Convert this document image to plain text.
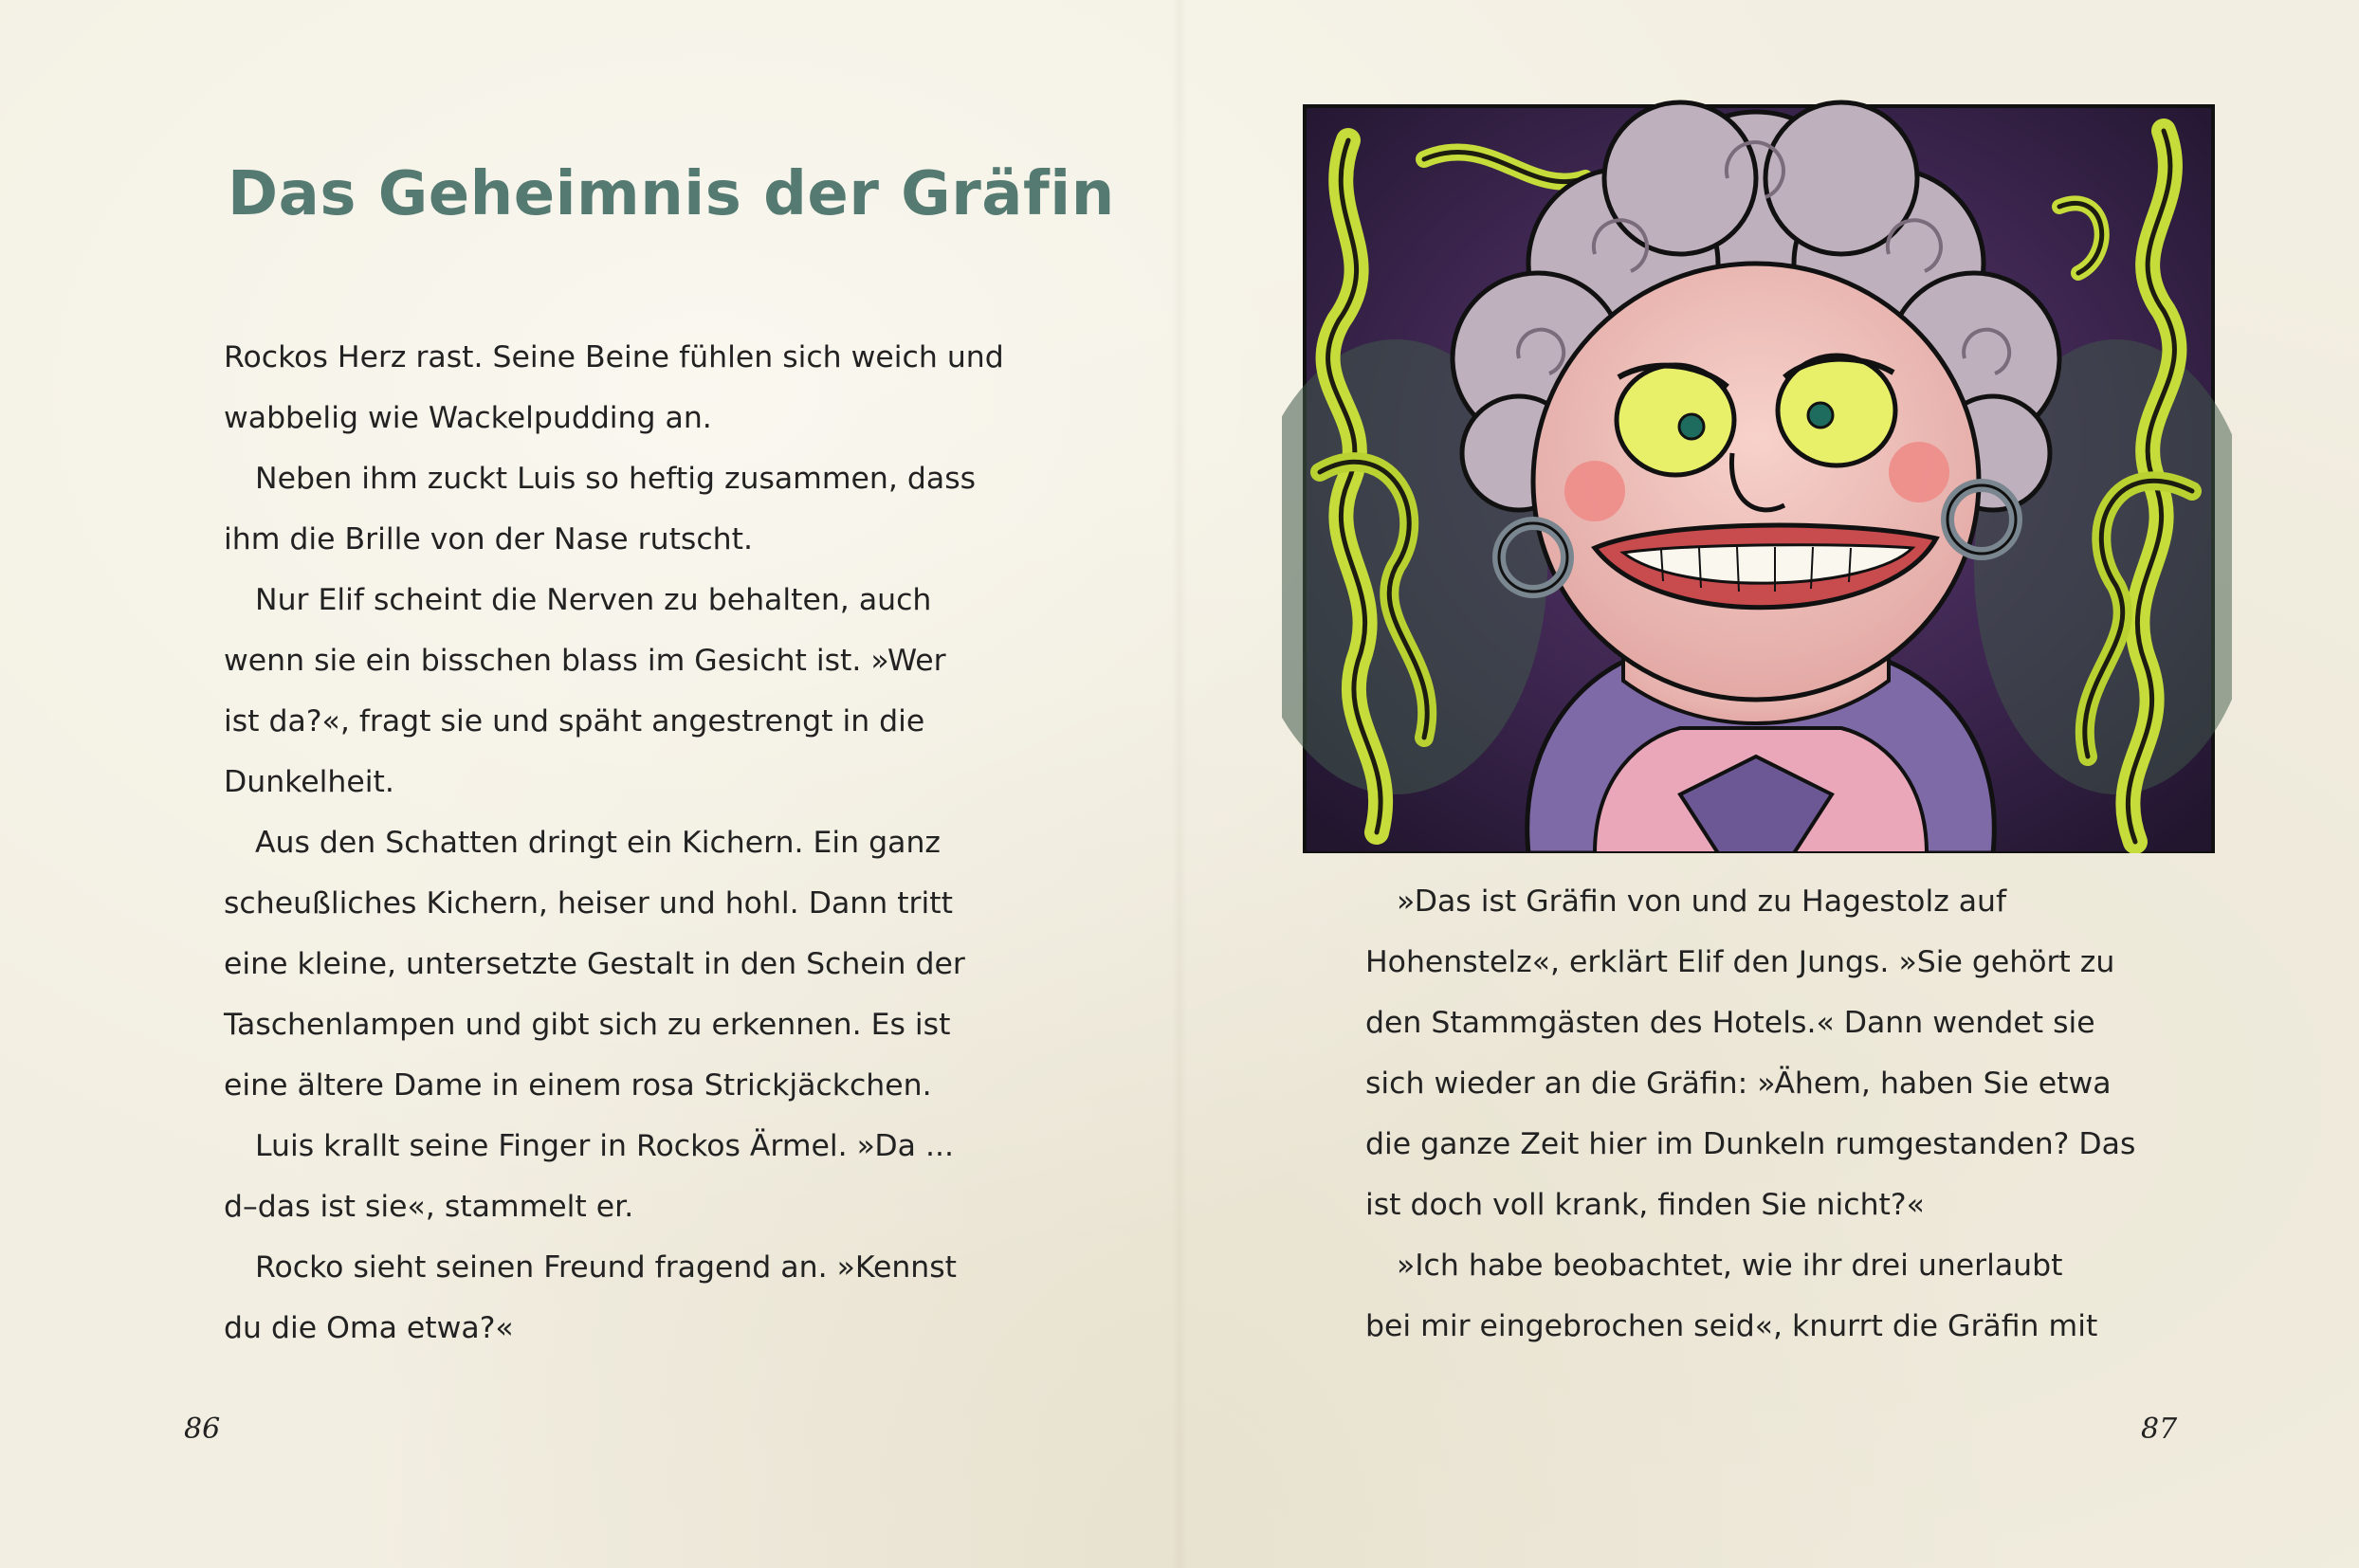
Das Geheimnis der Gräfin
Rockos Herz rast. Seine Beine fühlen sich weich und
wabbelig wie Wackelpudding an.
Neben ihm zuckt Luis so heftig zusammen, dass
ihm die Brille von der Nase rutscht.
Nur Elif scheint die Nerven zu behalten, auch
wenn sie ein bisschen blass im Gesicht ist. »Wer
ist da?«, fragt sie und späht angestrengt in die
Dunkelheit.
Aus den Schatten dringt ein Kichern. Ein ganz
scheußliches Kichern, heiser und hohl. Dann tritt
eine kleine, untersetzte Gestalt in den Schein der
Taschenlampen und gibt sich zu erkennen. Es ist
eine ältere Dame in einem rosa Strickjäckchen.
Luis krallt seine Finger in Rockos Ärmel. »Da ...
d–das ist sie«, stammelt er.
Rocko sieht seinen Freund fragend an. »Kennst
du die Oma etwa?«
»Das ist Gräfin von und zu Hagestolz auf
Hohenstelz«, erklärt Elif den Jungs. »Sie gehört zu
den Stammgästen des Hotels.« Dann wendet sie
sich wieder an die Gräfin: »Ähem, haben Sie etwa
die ganze Zeit hier im Dunkeln rumgestanden? Das
ist doch voll krank, finden Sie nicht?«
»Ich habe beobachtet, wie ihr drei unerlaubt
bei mir eingebrochen seid«, knurrt die Gräfin mit
86	87
